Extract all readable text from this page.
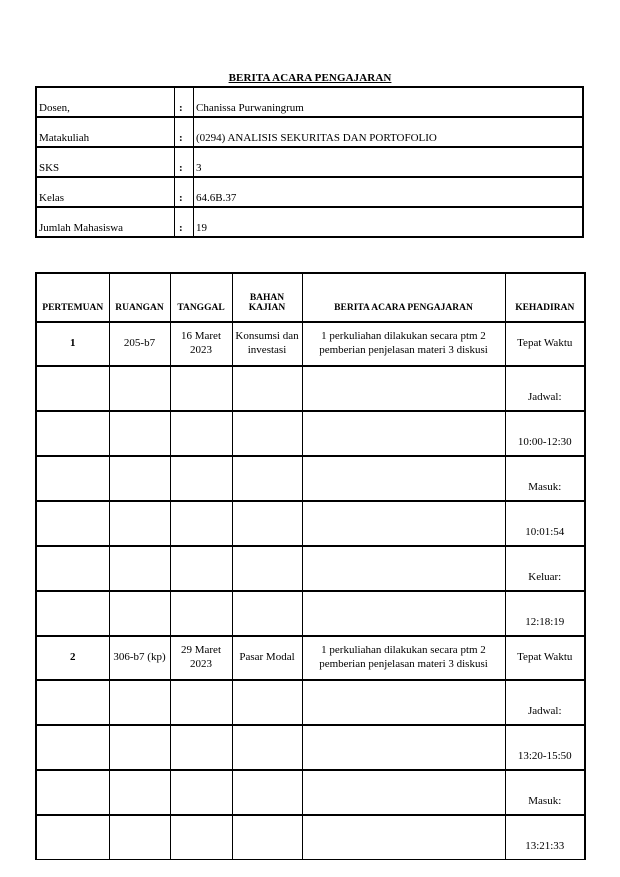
BERITA ACARA PENGAJARAN
Dosen,	:	Chanissa Purwaningrum
Matakuliah	:	(0294) ANALISIS SEKURITAS DAN PORTOFOLIO
SKS	:	3
Kelas	:	64.6B.37
Jumlah Mahasiswa	:	19
PERTEMUAN	RUANGAN	TANGGAL	BAHAN KAJIAN	BERITA ACARA PENGAJARAN	KEHADIRAN
1	205-b7	16 Maret 2023	Konsumsi dan investasi	1 perkuliahan dilakukan secara ptm 2 pemberian penjelasan materi 3 diskusi	Tepat Waktu
					Jadwal:
					10:00-12:30
					Masuk:
					10:01:54
					Keluar:
					12:18:19
2	306-b7 (kp)	29 Maret 2023	Pasar Modal	1 perkuliahan dilakukan secara ptm 2 pemberian penjelasan materi 3 diskusi	Tepat Waktu
					Jadwal:
					13:20-15:50
					Masuk:
					13:21:33
